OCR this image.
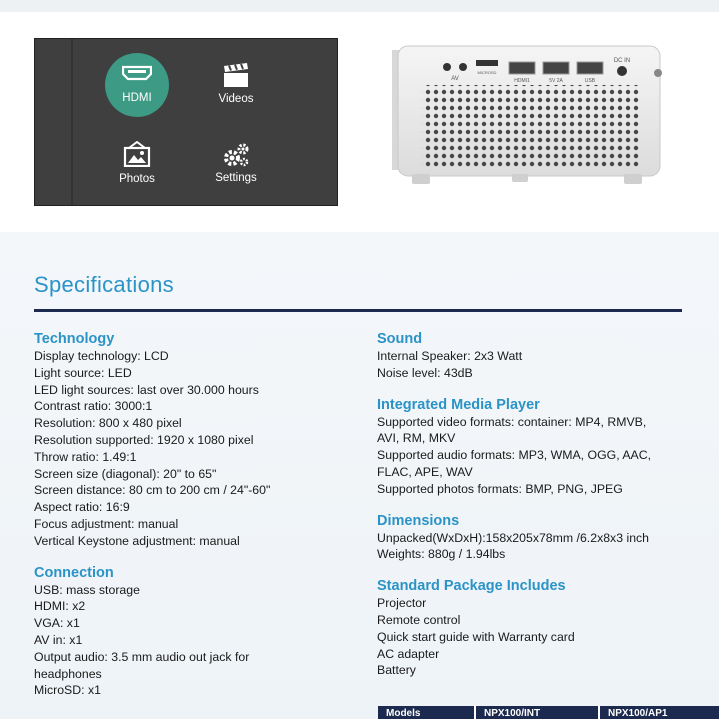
HDMI	Videos
Photos	Settings
AV
MICROSD
HDMI1	5V 2A	USB
DC IN
Specifications
Technology

Display technology: LCD

Light source: LED

LED light sources: last over 30.000 hours

Contrast ratio: 3000:1

Resolution: 800 x 480 pixel

Resolution supported: 1920 x 1080 pixel

Throw ratio: 1.49:1

Screen size (diagonal): 20" to 65"

Screen distance: 80 cm to 200 cm / 24"-60"

Aspect ratio: 16:9

Focus adjustment: manual

Vertical Keystone adjustment: manual

Connection

USB: mass storage

HDMI: x2

VGA: x1

AV in: x1

Output audio: 3.5 mm audio out jack for

headphones

MicroSD: x1

Sound

Internal Speaker: 2x3 Watt

Noise level: 43dB

Integrated Media Player

Supported video formats: container: MP4, RMVB,

AVI, RM, MKV

Supported audio formats: MP3, WMA, OGG, AAC,

FLAC, APE, WAV

Supported photos formats: BMP, PNG, JPEG

Dimensions

Unpacked(WxDxH):158x205x78mm /6.2x8x3 inch

Weights: 880g / 1.94lbs

Standard Package Includes

Projector

Remote control

Quick start guide with Warranty card

AC adapter

Battery

Models	NPX100/INT	NPX100/AP1
